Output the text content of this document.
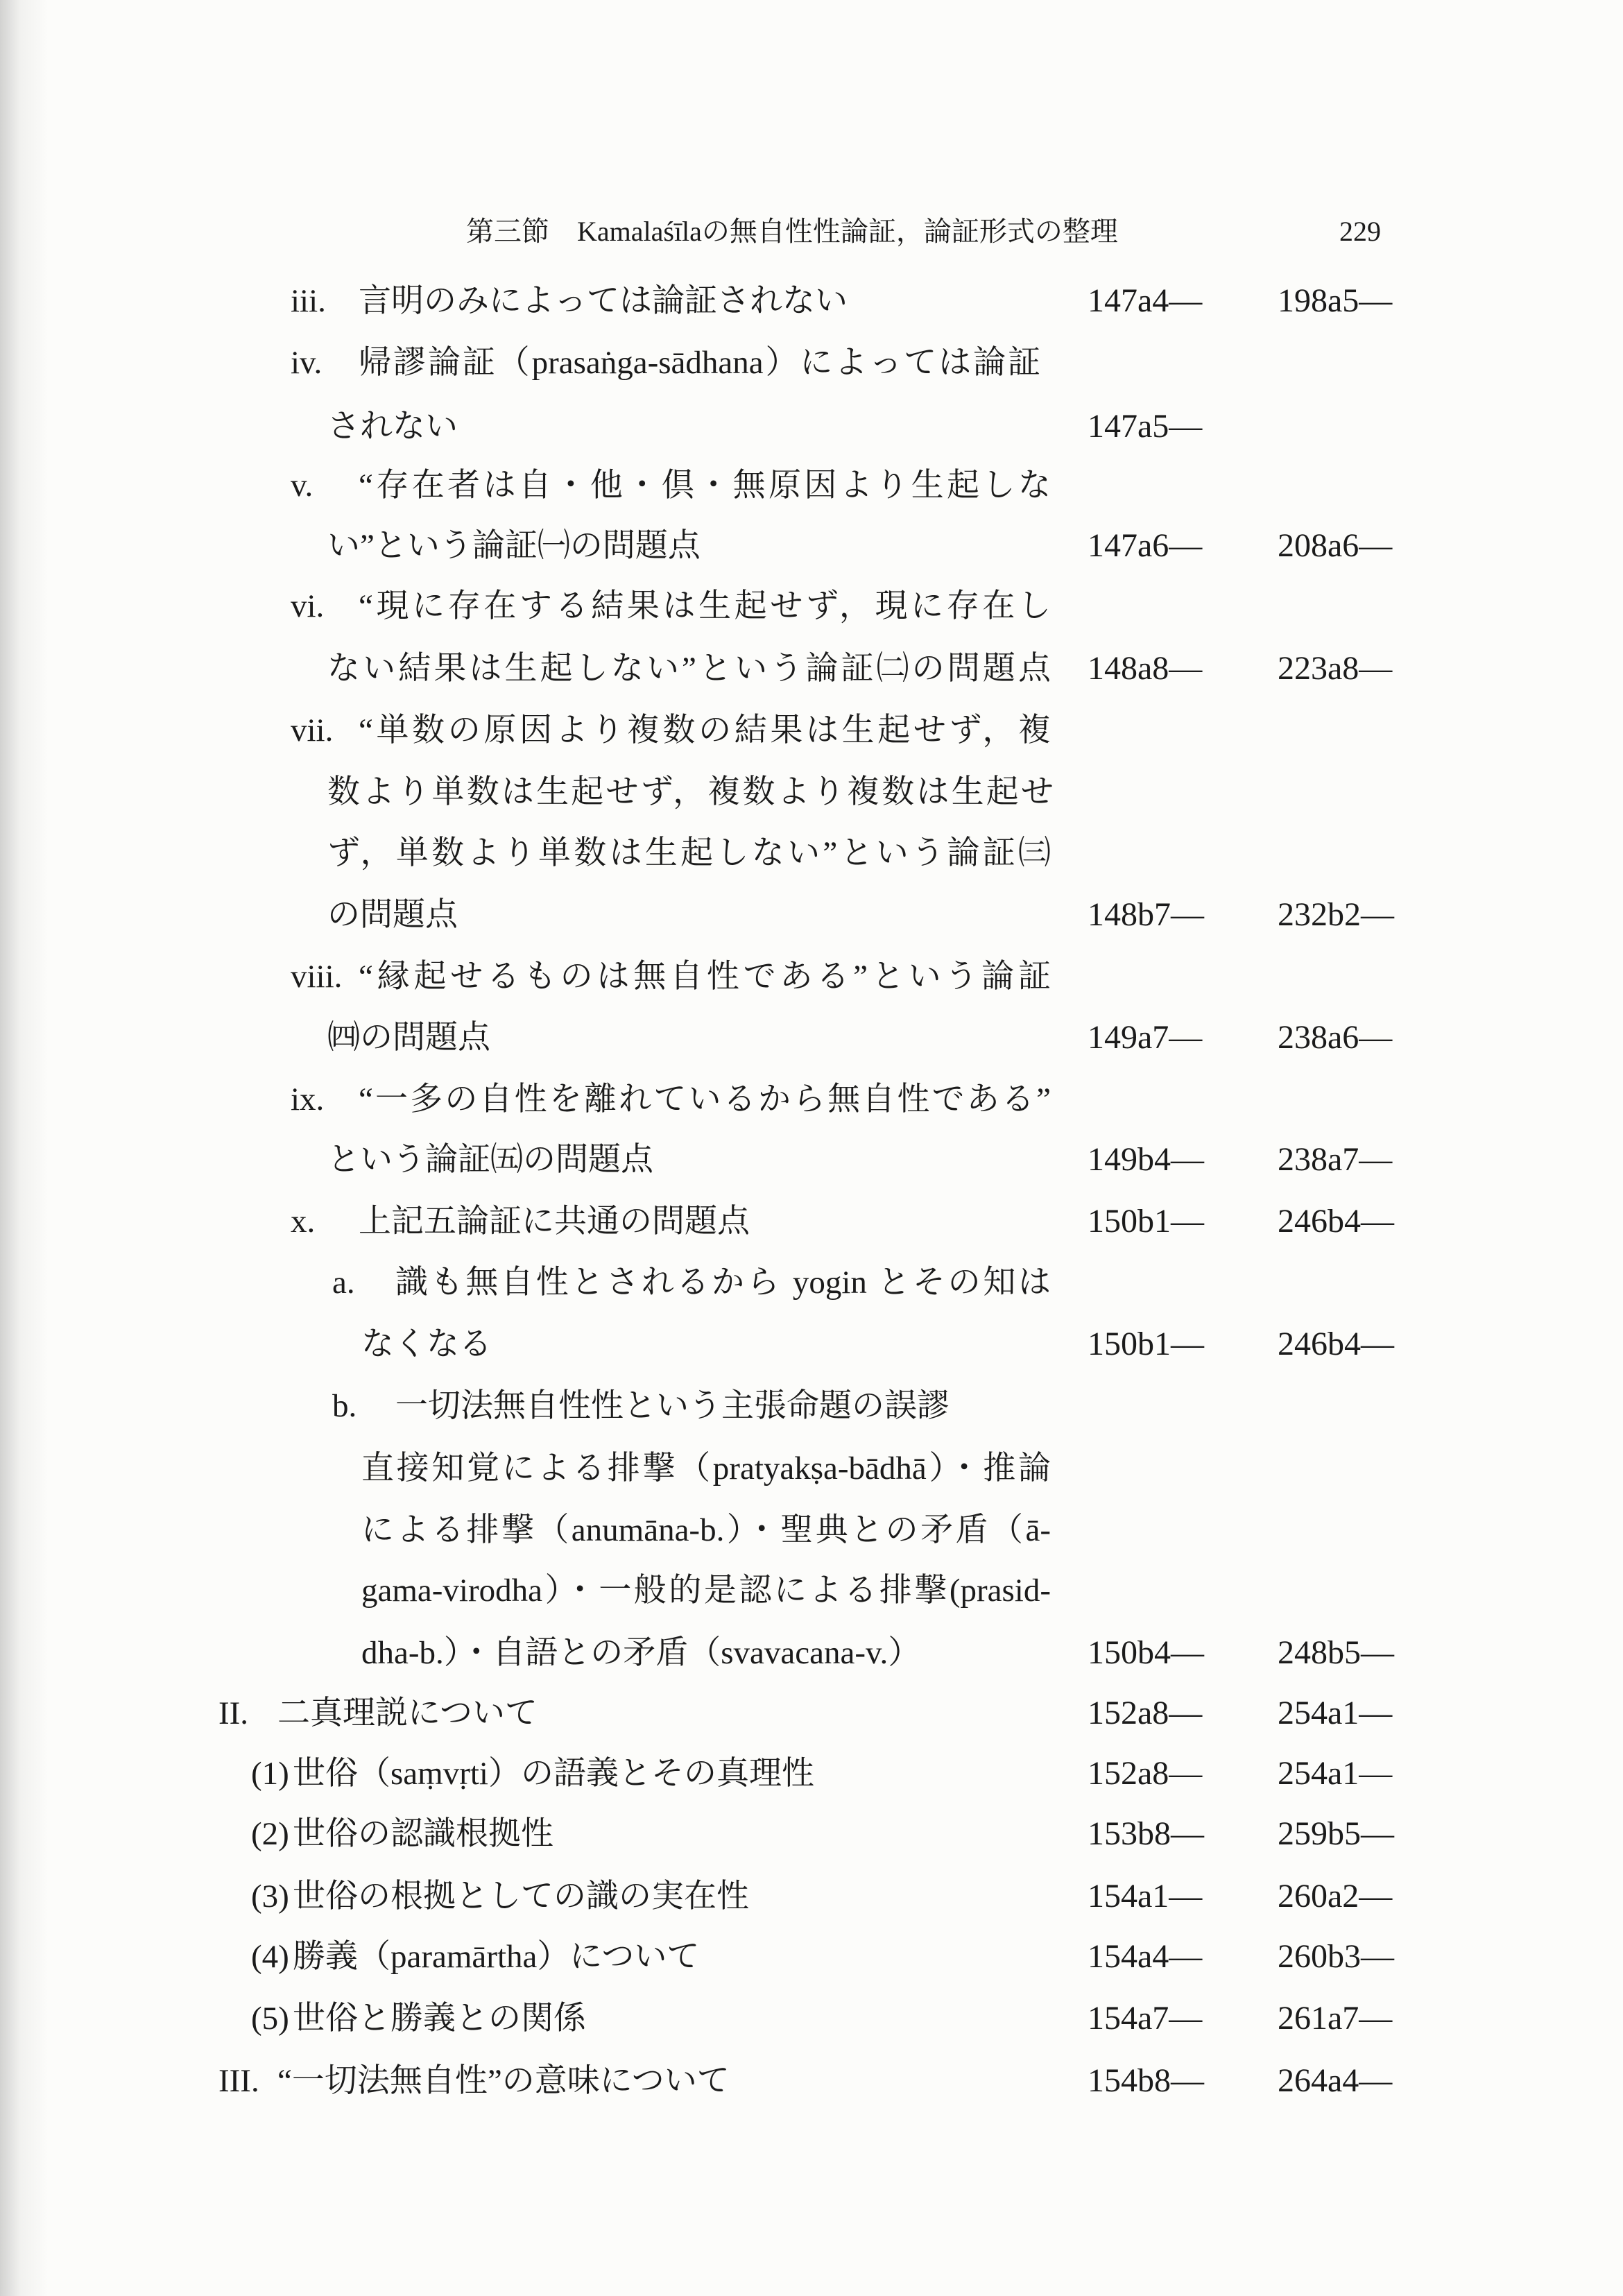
第三節 Kamalaśīlaの無自性性論証，論証形式の整理	229
iii.	言明のみによっては論証されない	147a4— 198a5—
iv.	帰謬論証（prasaṅga-sādhana）によっては論証
されない	147a5—
v.	“存在者は自・他・倶・無原因より生起しな
い”という論証㈠の問題点	147a6— 208a6—
vi.	“現に存在する結果は生起せず，現に存在し
ない結果は生起しない”という論証㈡の問題点 148a8— 223a8—
vii. “単数の原因より複数の結果は生起せず，複
数より単数は生起せず，複数より複数は生起せ
ず，単数より単数は生起しない”という論証㈢
の問題点	148b7— 232b2—
viii. “縁起せるものは無自性である”という論証
㈣の問題点	149a7— 238a6—
ix.	“一多の自性を離れているから無自性である”
という論証㈤の問題点	149b4— 238a7—
x.	上記五論証に共通の問題点	150b1— 246b4—
a.	識も無自性とされるから yogin とその知は
なくなる	150b1— 246b4—
b.	一切法無自性性という主張命題の誤謬
直接知覚による排撃（pratyakṣa-bādhā）・推論
による排撃（anumāna-b.）・聖典との矛盾（ā-
gama-virodha）・一般的是認による排撃(prasid-
dha-b.）・自語との矛盾（svavacana-v.）	150b4— 248b5—
II. 二真理説について	152a8— 254a1—
(1) 世俗（saṃvṛti）の語義とその真理性	152a8— 254a1—
(2) 世俗の認識根拠性	153b8— 259b5—
(3) 世俗の根拠としての識の実在性	154a1— 260a2—
(4) 勝義（paramārtha）について	154a4— 260b3—
(5) 世俗と勝義との関係	154a7— 261a7—
III. “一切法無自性”の意味について	154b8— 264a4—
